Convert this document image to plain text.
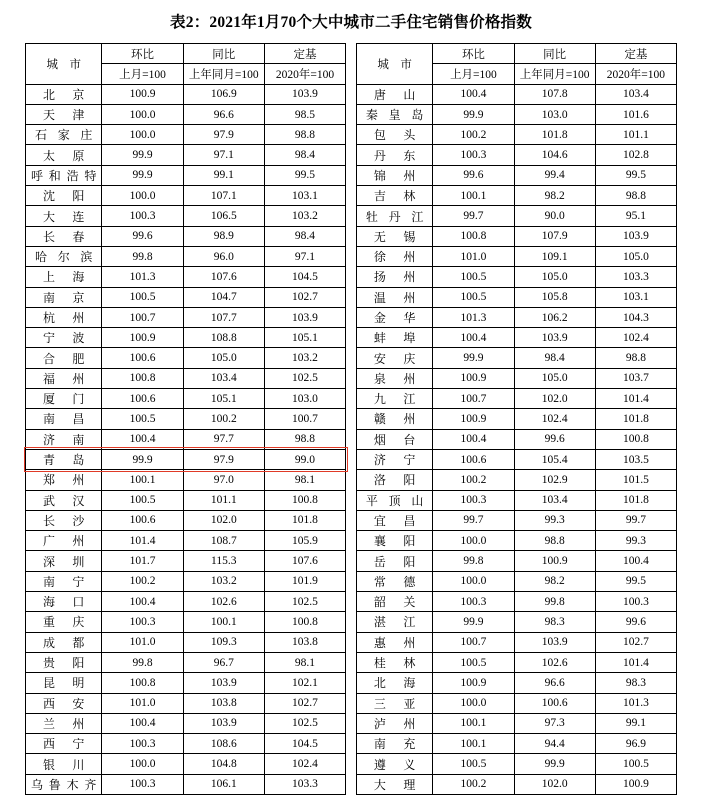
表2：2021年1月70个大中城市二手住宅销售价格指数
城　市	环比	同比	定基
	上月=100	上年同月=100	2020年=100

北 京	100.9	106.9	103.9

天 津	100.0	96.6	98.5

石 家 庄	100.0	97.9	98.8

太 原	99.9	97.1	98.4

呼 和 浩 特	99.9	99.1	99.5

沈 阳	100.0	107.1	103.1

大 连	100.3	106.5	103.2

长 春	99.6	98.9	98.4

哈 尔 滨	99.8	96.0	97.1

上 海	101.3	107.6	104.5

南 京	100.5	104.7	102.7

杭 州	100.7	107.7	103.9

宁 波	100.9	108.8	105.1

合 肥	100.6	105.0	103.2

福 州	100.8	103.4	102.5

厦 门	100.6	105.1	103.0

南 昌	100.5	100.2	100.7

济 南	100.4	97.7	98.8

青 岛	99.9	97.9	99.0

郑 州	100.1	97.0	98.1

武 汉	100.5	101.1	100.8

长 沙	100.6	102.0	101.8

广 州	101.4	108.7	105.9

深 圳	101.7	115.3	107.6

南 宁	100.2	103.2	101.9

海 口	100.4	102.6	102.5

重 庆	100.3	100.1	100.8

成 都	101.0	109.3	103.8

贵 阳	99.8	96.7	98.1

昆 明	100.8	103.9	102.1

西 安	101.0	103.8	102.7

兰 州	100.4	103.9	102.5

西 宁	100.3	108.6	104.5

银 川	100.0	104.8	102.4

乌 鲁 木 齐	100.3	106.1	103.3
城　市	环比	同比	定基
	上月=100	上年同月=100	2020年=100

唐 山	100.4	107.8	103.4

秦 皇 岛	99.9	103.0	101.6

包 头	100.2	101.8	101.1

丹 东	100.3	104.6	102.8

锦 州	99.6	99.4	99.5

吉 林	100.1	98.2	98.8

牡 丹 江	99.7	90.0	95.1

无 锡	100.8	107.9	103.9

徐 州	101.0	109.1	105.0

扬 州	100.5	105.0	103.3

温 州	100.5	105.8	103.1

金 华	101.3	106.2	104.3

蚌 埠	100.4	103.9	102.4

安 庆	99.9	98.4	98.8

泉 州	100.9	105.0	103.7

九 江	100.7	102.0	101.4

赣 州	100.9	102.4	101.8

烟 台	100.4	99.6	100.8

济 宁	100.6	105.4	103.5

洛 阳	100.2	102.9	101.5

平 顶 山	100.3	103.4	101.8

宜 昌	99.7	99.3	99.7

襄 阳	100.0	98.8	99.3

岳 阳	99.8	100.9	100.4

常 德	100.0	98.2	99.5

韶 关	100.3	99.8	100.3

湛 江	99.9	98.3	99.6

惠 州	100.7	103.9	102.7

桂 林	100.5	102.6	101.4

北 海	100.9	96.6	98.3

三 亚	100.0	100.6	101.3

泸 州	100.1	97.3	99.1

南 充	100.1	94.4	96.9

遵 义	100.5	99.9	100.5

大 理	100.2	102.0	100.9
